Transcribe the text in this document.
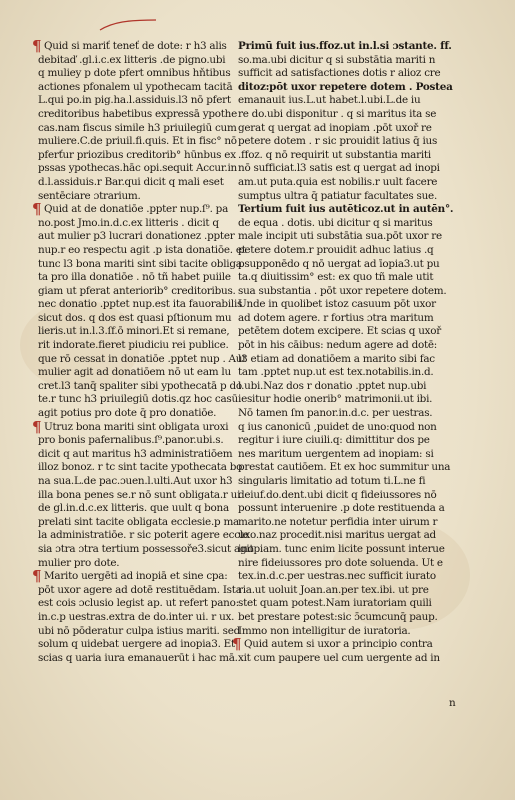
Quid si mariť teneť de dote: r h3 alis
¶
debitaď .gl.i.c.ex litteris .de pigno.ubi
q muliey p dote pfert omnibus hňtibus
actiones pfonalem ul ypothecam tacitā
L.qui po.in pig.ha.l.assiduis.l3 nō pfert
creditoribus habetibus expressā ypothe
cas.nam fiscus simile h3 priuilegiū cum
muliere.C.de priuil.fi.quis. Et in fisc° nō
pferťur priozibus creditorib° hūnbus ex
pssas ypothecas.hāc opi.sequit Accur.in
d.l.assiduis.r Bar.qui dicit q mali eset
sentēciare ɔtrarium.
Quid at de donatiōe .ppter nup.ſ⁹. pa
¶
no.post Jmo.in.d.c.ex litteris . dicit q
aut mulier p3 lucrari donationez .ppter
nup.r eo respectu agit .p ista donatiōe. et
tunc l3 bona mariti sint sibi tacite obliga
ta pro illa donatiōe . nō tñ habet puiile
giam ut pferat anteriorib° creditoribus.
nec donatio .pptet nup.est ita fauorabilis
sicut dos. q dos est quasi pſtionum mu
lieris.ut in.l.3.ſf.ō minori.Et si remane,
rit indorate.fieret piudiciu rei publice.
que rō cessat in donatiōe .pptet nup . Aut
mulier agit ad donatiōem nō ut eam lu
cret.l3 tanq̄ spaliter sibi ypothecatā p do
te.r tunc h3 priuilegiū dotis.qz hoc casū
agit potius pro dote q̄ pro donatiōe.
Utruz bona mariti sint obligata uroxi
¶
pro bonis pafernalibus.ſ⁹.panor.ubi.s.
dicit q aut maritus h3 administratiōem
illoz bonoz. r tc sint tacite ypothecata bo
na sua.L.de pac.ɔuen.l.ulti.Aut uxor h3
illa bona penes se.r nō sunt obligata.r ui
de gl.in.d.c.ex litteris. que uult q bona
prelati sint tacite obligata ecclesie.p ma
la administratiōe. r sic poterit agere eccle
sia ɔtra ɔtra tertium possessoře3.sicut agit
mulier pro dote.
Marito uergēti ad inopiā et sine cpa:
¶
pōt uxor agere ad dotē restituēdam. Ista
est cois ɔclusio legist ap. ut refert pano:
in.c.p uestras.extra de do.inter ui. r ux.
ubi nō pōderatur culpa istius mariti. sed
solum q uidebat uergere ad inopia3. Et
scias q uaria iura emanauerūt i hac mā.
Primū fuit ius.ffoz.ut in.l.si ɔstante. ff.
so.ma.ubi dicitur q si substātia mariti n
sufficit ad satisfactiones dotis r alioz cre
ditoz:pōt uxor repetere dotem . Postea
emanauit ius.L.ut habet.l.ubi.L.de iu
re do.ubi disponitur . q si maritus ita se
gerat q uergat ad inopiam .pōt uxoř re
petere dotem . r sic prouidit latius q̄ ius
.ffoz. q nō requirit ut substantia mariti
nō sufficiat.l3 satis est q uergat ad inopi
am.ut puta.quia est nobilis.r uult facere
sumptus ultra q̄ patiatur facultates sue.
Tertium fuit ius autēticoz.ut in autēn°.
de equa . dotis. ubi dicitur q si maritus
male incipit uti substātia sua.pōt uxor re
petere dotem.r prouidit adhuc latius .q
psupponēdo q nō uergat ad īopia3.ut pu
ta.q diuitissim° est: ex quo tñ male utit
sua substantia . pōt uxor repetere dotem.
Unde in quolibet istoz casuum pōt uxor
ad dotem agere. r fortius ɔtra maritum
petētem dotem excipere. Et scias q uxoř
pōt in his cāibus: nedum agere ad dotē:
l3 etiam ad donatiōem a marito sibi fac
tam .pptet nup.ut est tex.notabilis.in.d.
l.ubi.Naz dos r donatio .pptet nup.ubi
iesitur hodie onerib° matrimonii.ut ibi.
Nō tamen ſm panor.in.d.c. per uestras.
q ius canonicū ,puidet de uno:quod non
regitur i iure ciuili.q: dimittitur dos pe
nes maritum uergentem ad inopiam: si
prestat cautiōem. Et ex hoc summitur una
singularis limitatio ad totum ti.L.ne fi
deiuf.do.dent.ubi dicit q fideiussores nō
possunt interuenire .p dote restituenda a
marito.ne notetur perfidia inter uirum r
uxo.naz procedit.nisi maritus uergat ad
inopiam. tunc enim licite possunt interue
nire fideiussores pro dote soluenda. Ut e
tex.in.d.c.per uestras.nec sufficit iurato
ria.ut uoluit Joan.an.per tex.ibi. ut pre
stet quam potest.Nam iuratoriam quili
bet prestare potest:sic ɔ̄cumcunq̄ paup.
Immo non intelligitur de iuratoria.
Quid autem si uxor a principio contra
¶
xit cum paupere uel cum uergente ad in
n
